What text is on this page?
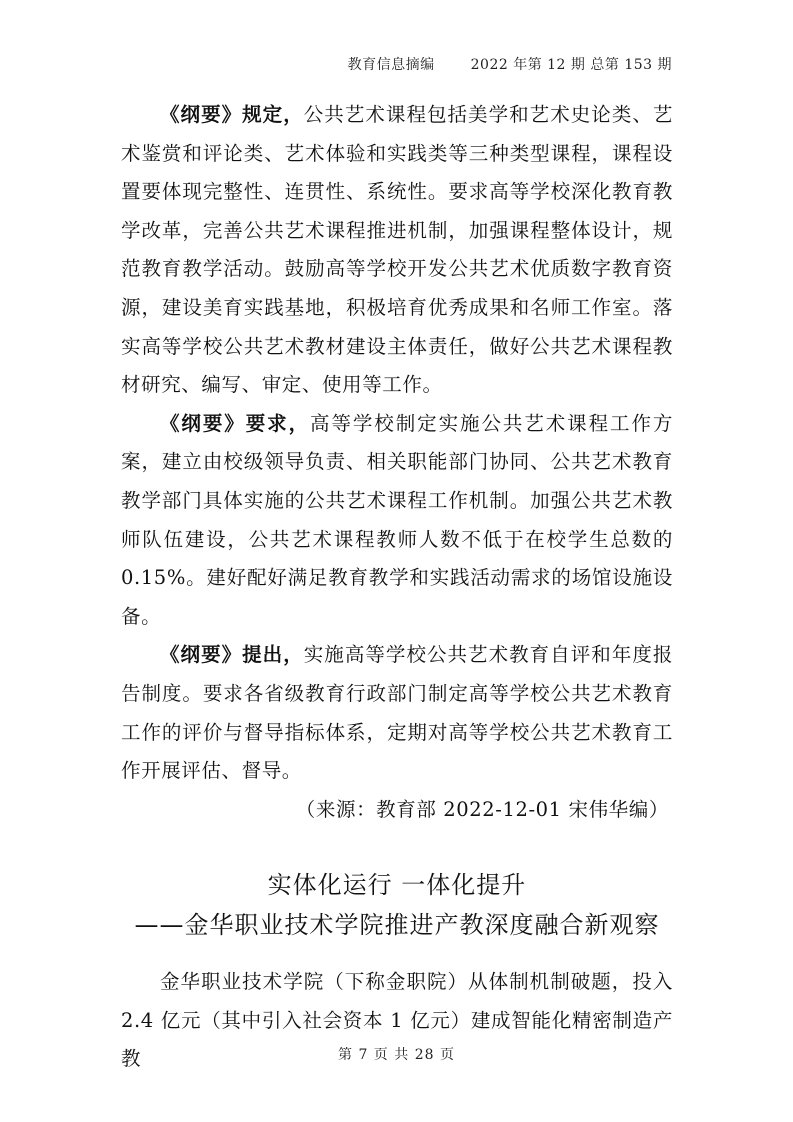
教育信息摘编	2022 年第 12 期 总第 153 期

《纲要》规定，公共艺术课程包括美学和艺术史论类、艺术鉴赏和评论类、艺术体验和实践类等三种类型课程，课程设置要体现完整性、连贯性、系统性。要求高等学校深化教育教学改革，完善公共艺术课程推进机制，加强课程整体设计，规范教育教学活动。鼓励高等学校开发公共艺术优质数字教育资源，建设美育实践基地，积极培育优秀成果和名师工作室。落实高等学校公共艺术教材建设主体责任，做好公共艺术课程教材研究、编写、审定、使用等工作。

《纲要》要求，高等学校制定实施公共艺术课程工作方案，建立由校级领导负责、相关职能部门协同、公共艺术教育教学部门具体实施的公共艺术课程工作机制。加强公共艺术教师队伍建设，公共艺术课程教师人数不低于在校学生总数的 0.15%。建好配好满足教育教学和实践活动需求的场馆设施设备。

《纲要》提出，实施高等学校公共艺术教育自评和年度报告制度。要求各省级教育行政部门制定高等学校公共艺术教育工作的评价与督导指标体系，定期对高等学校公共艺术教育工作开展评估、督导。

（来源：教育部 2022-12-01 宋伟华编）

实体化运行 一体化提升
——金华职业技术学院推进产教深度融合新观察

金华职业技术学院（下称金职院）从体制机制破题，投入 2.4 亿元（其中引入社会资本 1 亿元）建成智能化精密制造产教	第 7 页 共 28 页
